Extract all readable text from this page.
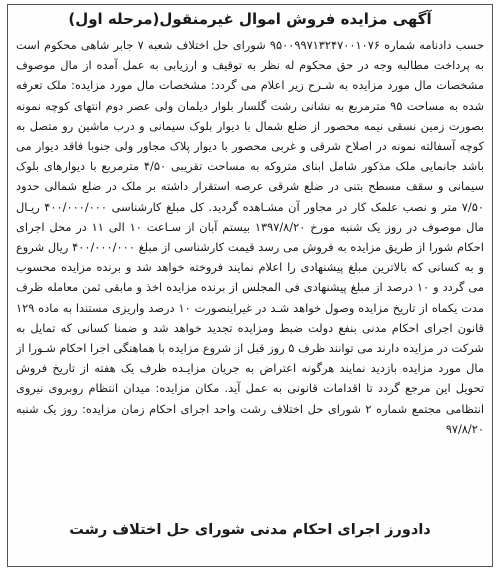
آگهی مزایده فروش اموال غیرمنقول(مرحله اول)
حسب دادنامه شماره ۹۵۰۰۹۹۷۱۳۲۴۷۰۰۱۰۷۶ شورای حل اختلاف شعبه ۷ جابر شاهی محکوم است به پرداخت مطالبه وجه در حق محکوم له نظر به توقیف و ارزیابی به عمل آمده از مال موصوف مشخصات مال مورد مزایده به شـرح زیر اعلام می گردد: مشخصات مال مورد مزایده: ملک تعرفه شده به مساحت ۹۵ مترمربع به نشانی رشت گلسار بلوار دیلمان ولی عصر دوم انتهای کوچه نمونه بصورت زمین نسقی نیمه محصور از ضلع شمال با دیوار بلوک سیمانی و درب ماشین رو متصل به کوچه آسفالته نمونه در اصلاح شرقی و غربی محصور با دیوار پلاک مجاور ولی جنوبا فاقد دیوار می باشد جانمایی ملک مذکور شامل ابنای متروکه به مساحت تقریبی ۴/۵۰ مترمربع با دیوارهای بلوک سیمانی و سقف مسطح بتنی در ضلع شرقی عرصه استقرار داشته بر ملک در ضلع شمالی حدود ۷/۵۰ متر و نصب علمک کار در مجاور آن مشـاهده گردید. کل مبلغ کارشناسی ۴۰۰/۰۰۰/۰۰۰ ریـال مال موصوف در روز یک شنبه مورخ ۱۳۹۷/۸/۲۰ بیستم آبان از سـاعت ۱۰ الی ۱۱ در محل اجرای احکام شورا از طریق مزایده به فروش می رسد قیمت کارشناسی از مبلغ ۴۰۰/۰۰۰/۰۰۰ ریال شروع و به کسانی که بالاترین مبلغ پیشنهادی را اعلام نمایند فروخته خواهد شد و برنده مزایده محسوب می گردد و ۱۰ درصد از مبلغ پیشنهادی فی المجلس از برنده مزایده اخذ و مابقی ثمن معامله ظرف مدت یکماه از تاریخ مزایده وصول خواهد شـد در غیراینصورت ۱۰ درصد واریزی مستندا به ماده ۱۲۹ قانون اجرای احکام مدنی بنفع دولت ضبط ومزایده تجدید خواهد شد و ضمنا کسانی که تمایل به شرکت در مزایده دارند می توانند ظرف ۵ روز قبل از شروع مزایده با هماهنگی اجرا احکام شـورا از مال مورد مزایده بازدید نمایند هرگونه اعتراض به جریان مزایـده ظرف یک هفته از تاریخ فروش تحویل این مرجع گردد تا اقدامات قانونی به عمل آید. مکان مزایده: میدان انتظام روبروی نیروی انتظامی مجتمع شماره ۲ شورای حل اختلاف رشت واحد اجرای احکام زمان مزایده: روز یک شنبه ۹۷/۸/۲۰
دادورز اجرای احکام مدنی شورای حل اختلاف رشت
